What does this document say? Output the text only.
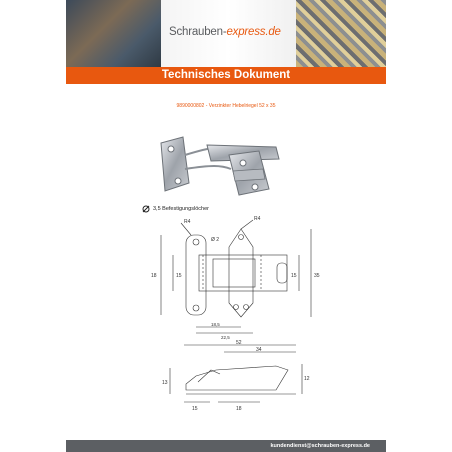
Schrauben-express.de
Technisches Dokument
9890000802 - Verzinkter Hebelriegel 52 x 35
3,5 Befestigungslöcher
R4	R4
Ø 2
18	15	35
15
18,5
22,5
52
34
13
12
15	18
kundendienst@schrauben-express.de
